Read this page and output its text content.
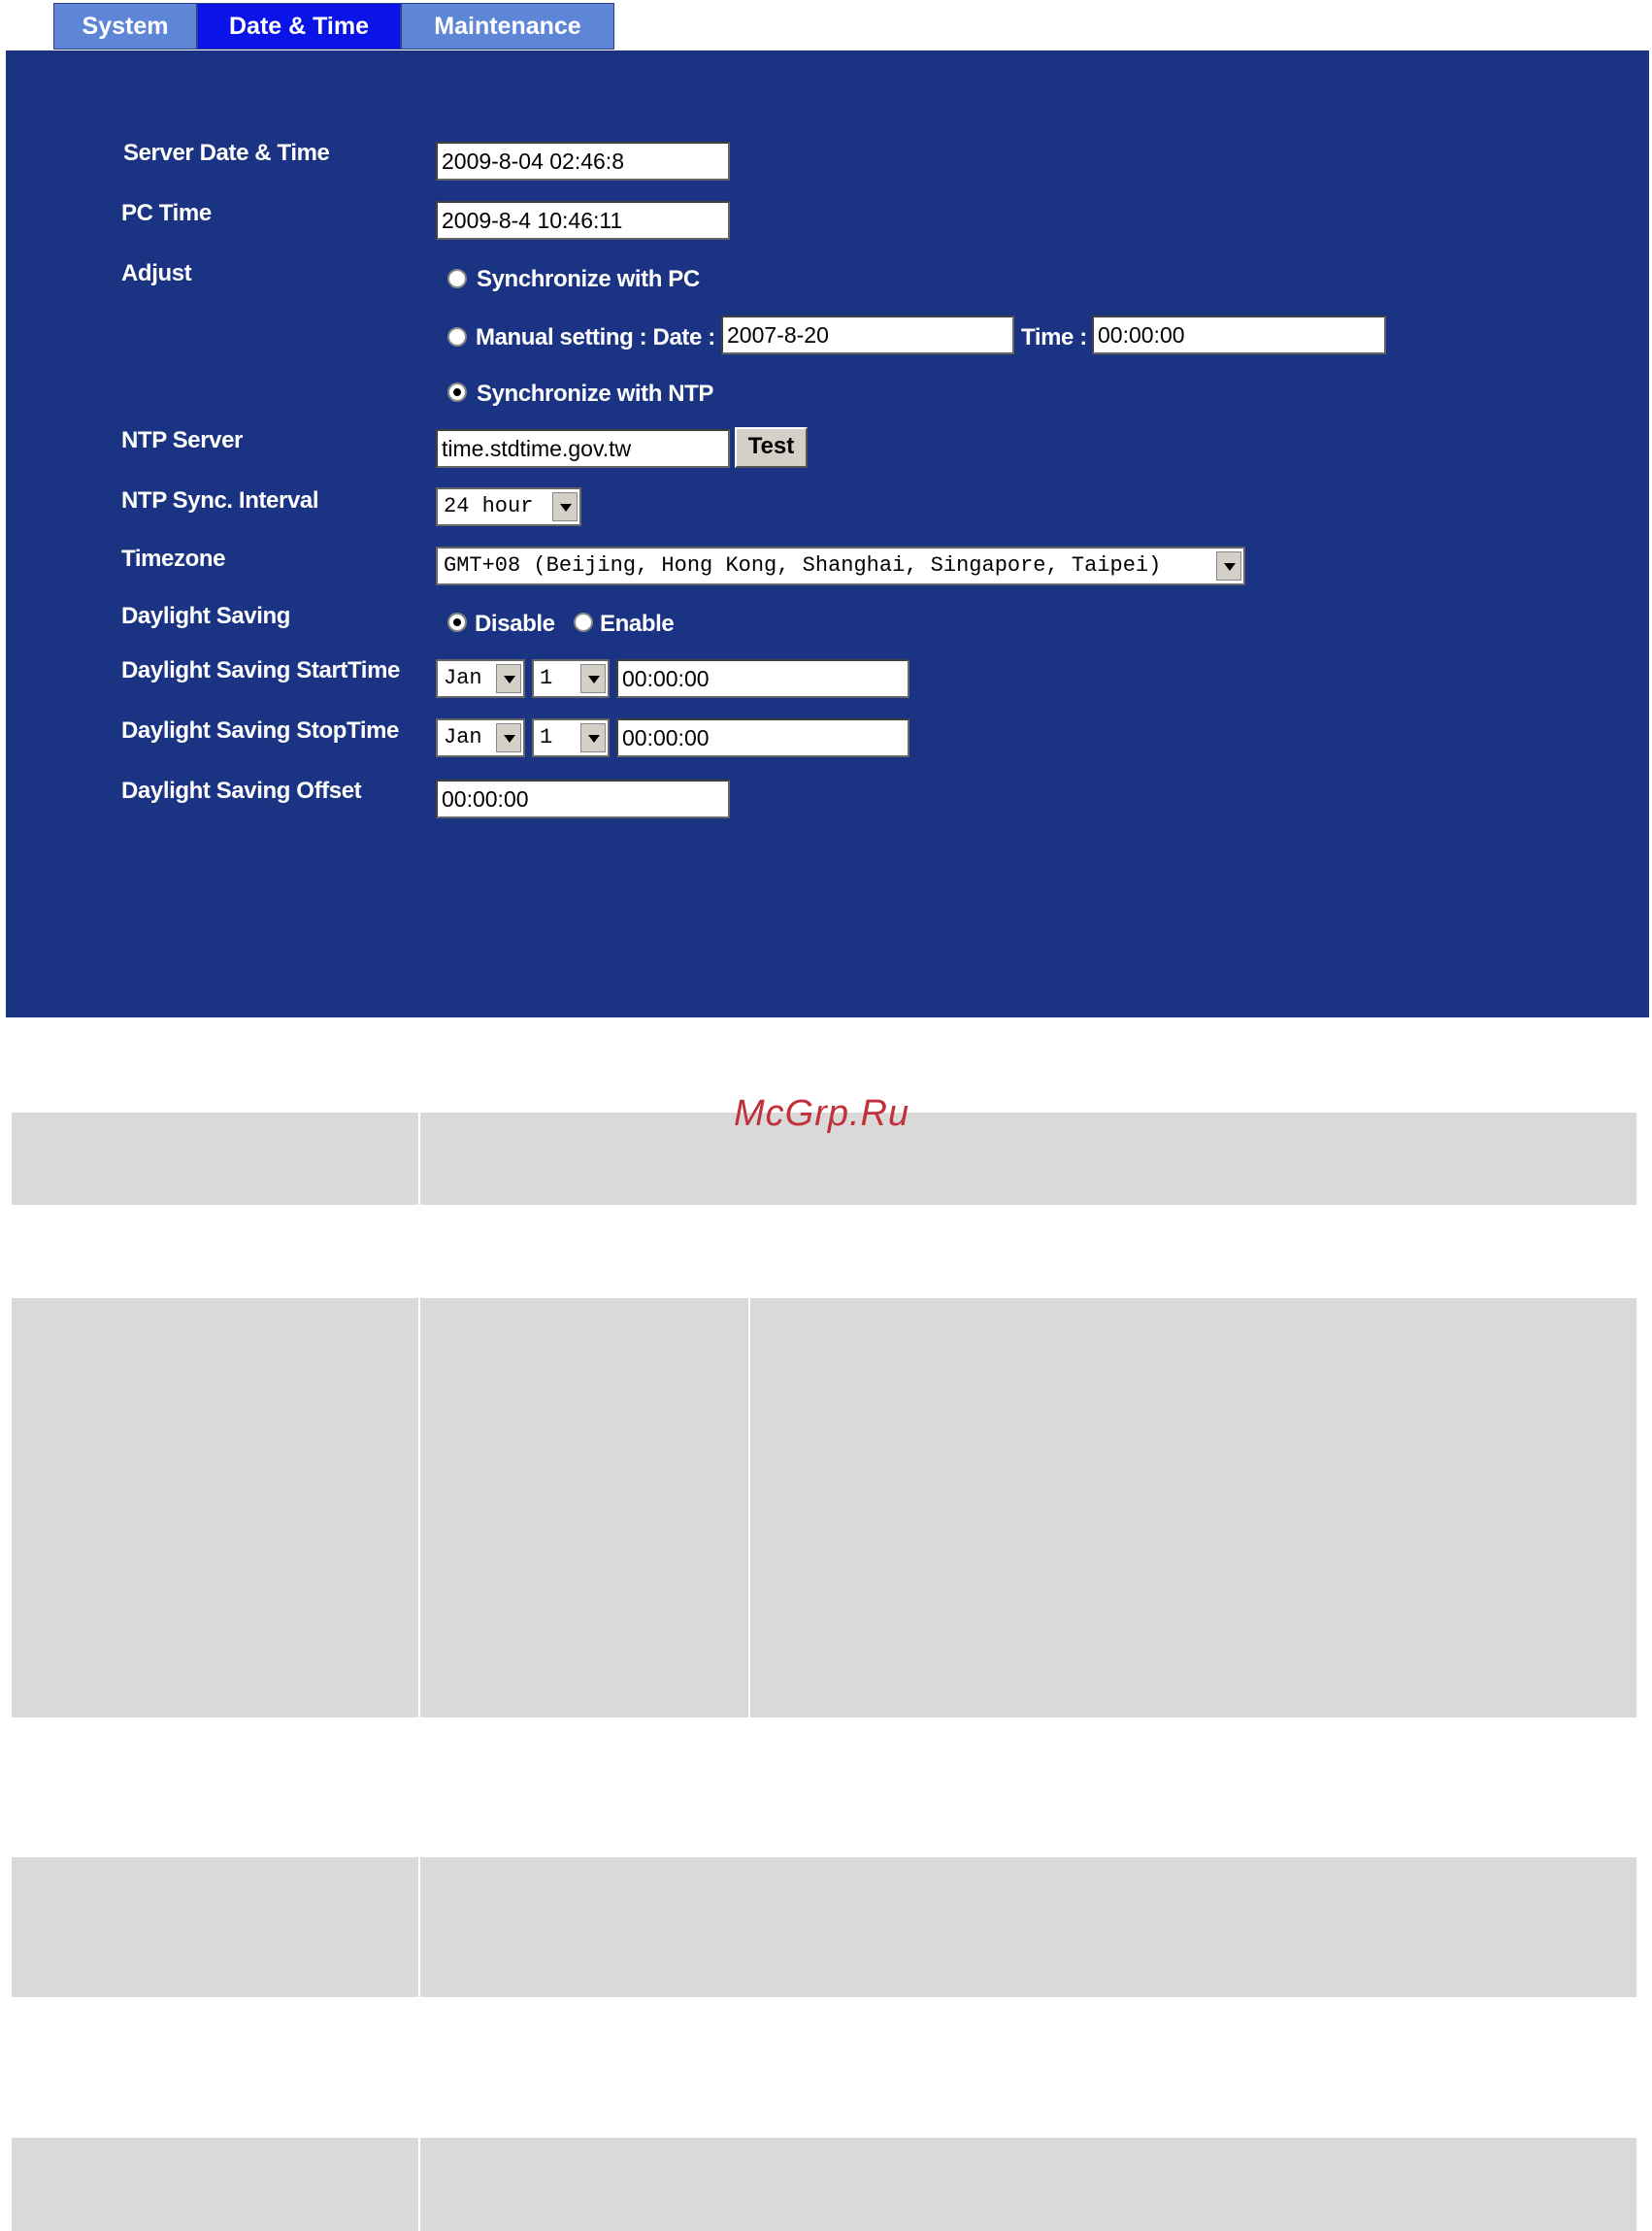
System	Date & Time	Maintenance
Server Date & Time	2009-8-04 02:46:8
PC Time	2009-8-4 10:46:11
Adjust	Synchronize with PC
Manual setting : Date : 2007-8-20	Time : 00:00:00
Synchronize with NTP
NTP Server	time.stdtime.gov.tw	Test
NTP Sync. Interval	24 hour
Timezone	GMT+08 (Beijing, Hong Kong, Shanghai, Singapore, Taipei)
Daylight Saving	Disable Enable
Daylight Saving StartTime	Jan	1	00:00:00
Daylight Saving StopTime	Jan	1	00:00:00
Daylight Saving Offset	00:00:00
McGrp.Ru
